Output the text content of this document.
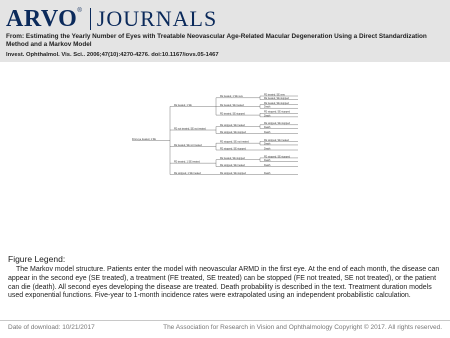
ARVO ® JOURNALS
From: Estimating the Yearly Number of Eyes with Treatable Neovascular Age-Related Macular Degeneration Using a Direct Standardization Method and a Markov Model
Invest. Ophthalmol. Vis. Sci.. 2006;47(10):4270-4276. doi:10.1167/iovs.05-1467
First eye treated, 1 SE
FE treated, 1 SE
FE treated, 1 SE new
FE treated, SE new
FE treated, SE stopped
FE treated, SE treated
FE treated, SE stopped
Death
FE treated, SE stopped
FE stopped, SE stopped
Death
FE not treated, SE not treated
FE stopped, SE treated
FE stopped, SE stopped
Death
FE stopped, SE stopped	Death
FE treated, SE not treated
FE stopped, SE not treated
FE stopped, SE treated
Death
FE stopped, SE stopped	Death
FE treated, 1 SE treated
FE treated, SE stopped
FE stopped, SE stopped
Death
FE stopped, SE treated	Death
FE stopped, 1 SE treated	FE stopped, SE stopped	Death
Figure Legend:
The Markov model structure. Patients enter the model with neovascular ARMD in the first eye. At the end of each month, the disease can appear in the second eye (SE treated), a treatment (FE treated, SE treated) can be stopped (FE not treated, SE not treated), or the patient can die (death). All second eyes developing the disease are treated. Death probability is described in the text. Treatment duration models used exponential functions. Five-year to 1-month incidence rates were extrapolated using an independent probabilistic calculation.
Date of download: 10/21/2017	The Association for Research in Vision and Ophthalmology Copyright © 2017. All rights reserved.
